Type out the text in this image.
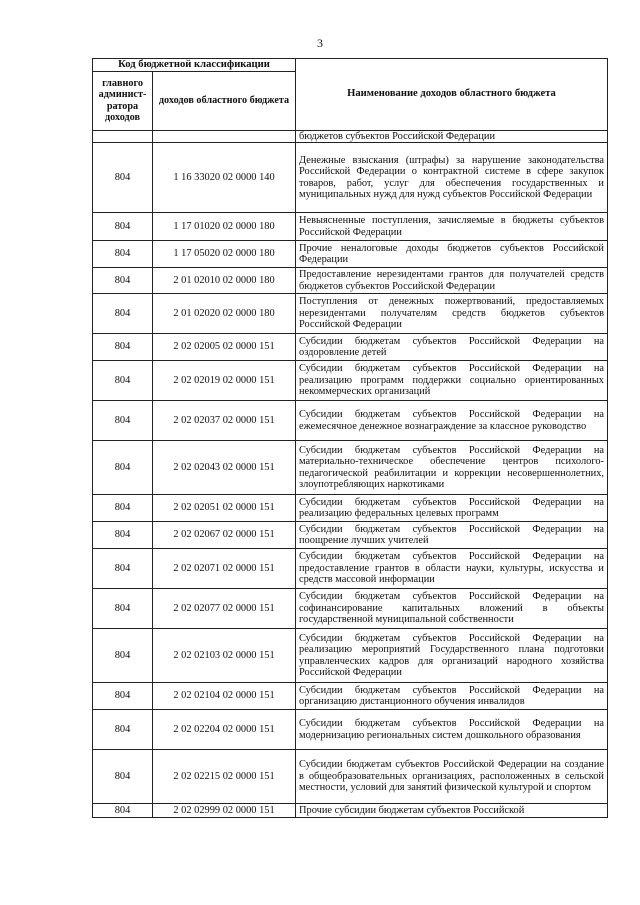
3
Код бюджетной классификации		Наименование доходов областного бюджета
главного админист-ратора доходов	доходов областного бюджета	
		бюджетов субъектов Российской Федерации
804	1 16 33020 02 0000 140	Денежные взыскания (штрафы) за нарушение законодательства Российской Федерации о контрактной системе в сфере закупок товаров, работ, услуг для обеспечения государственных и муниципальных нужд для нужд субъектов Российской Федерации
804	1 17 01020 02 0000 180	Невыясненные поступления, зачисляемые в бюджеты субъектов Российской Федерации
804	1 17 05020 02 0000 180	Прочие неналоговые доходы бюджетов субъектов Российской Федерации
804	2 01 02010 02 0000 180	Предоставление нерезидентами грантов для получателей средств бюджетов субъектов Российской Федерации
804	2 01 02020 02 0000 180	Поступления от денежных пожертвований, предоставляемых нерезидентами получателям средств бюджетов субъектов Российской Федерации
804	2 02 02005 02 0000 151	Субсидии бюджетам субъектов Российской Федерации на оздоровление детей
804	2 02 02019 02 0000 151	Субсидии бюджетам субъектов Российской Федерации на реализацию программ поддержки социально ориентированных некоммерческих организаций
804	2 02 02037 02 0000 151	Субсидии бюджетам субъектов Российской Федерации на ежемесячное денежное вознаграждение за классное руководство
804	2 02 02043 02 0000 151	Субсидии бюджетам субъектов Российской Федерации на материально-техническое обеспечение центров психолого-педагогической реабилитации и коррекции несовершеннолетних, злоупотребляющих наркотиками
804	2 02 02051 02 0000 151	Субсидии бюджетам субъектов Российской Федерации на реализацию федеральных целевых программ
804	2 02 02067 02 0000 151	Субсидии бюджетам субъектов Российской Федерации на поощрение лучших учителей
804	2 02 02071 02 0000 151	Субсидии бюджетам субъектов Российской Федерации на предоставление грантов в области науки, культуры, искусства и средств массовой информации
804	2 02 02077 02 0000 151	Субсидии бюджетам субъектов Российской Федерации на софинансирование капитальных вложений в объекты государственной муниципальной собственности
804	2 02 02103 02 0000 151	Субсидии бюджетам субъектов Российской Федерации на реализацию мероприятий Государственного плана подготовки управленческих кадров для организаций народного хозяйства Российской Федерации
804	2 02 02104 02 0000 151	Субсидии бюджетам субъектов Российской Федерации на организацию дистанционного обучения инвалидов
804	2 02 02204 02 0000 151	Субсидии бюджетам субъектов Российской Федерации на модернизацию региональных систем дошкольного образования
804	2 02 02215 02 0000 151	Субсидии бюджетам субъектов Российской Федерации на создание в общеобразовательных организациях, расположенных в сельской местности, условий для занятий физической культурой и спортом
804	2 02 02999 02 0000 151	Прочие субсидии бюджетам субъектов Российской
